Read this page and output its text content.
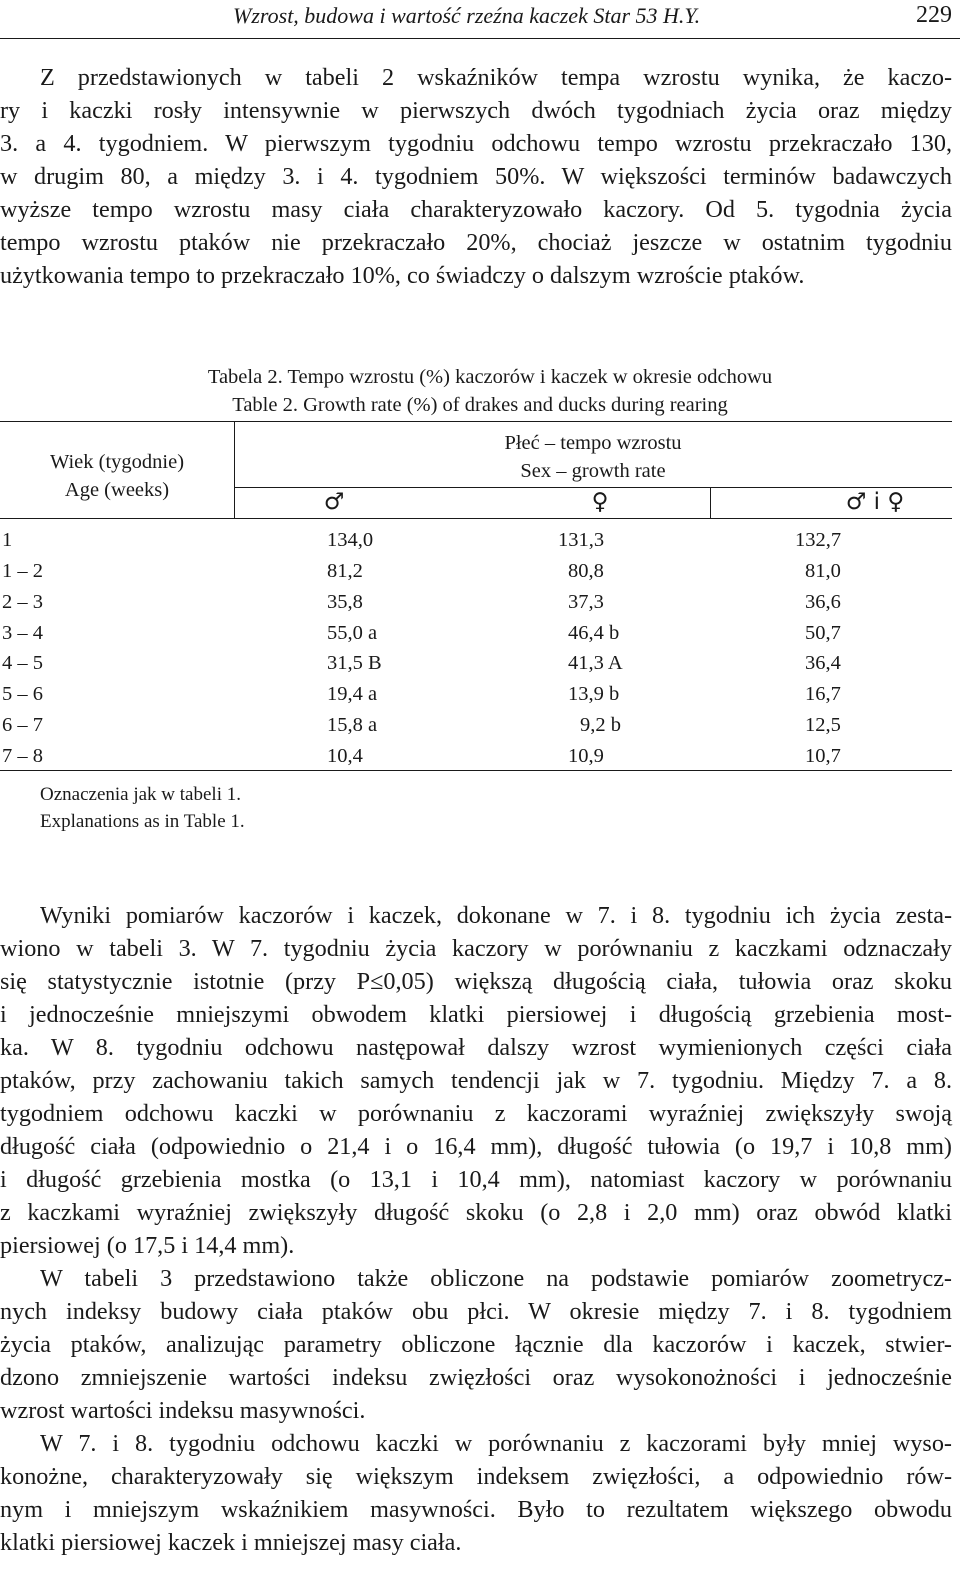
Wzrost, budowa i wartość rzeźna kaczek Star 53 H.Y.	229
Z przedstawionych w tabeli 2 wskaźników tempa wzrostu wynika, że kaczo-
ry i kaczki rosły intensywnie w pierwszych dwóch tygodniach życia oraz między
3. a 4. tygodniem. W pierwszym tygodniu odchowu tempo wzrostu przekraczało 130,
w drugim 80, a między 3. i 4. tygodniem 50%. W większości terminów badawczych
wyższe tempo wzrostu masy ciała charakteryzowało kaczory. Od 5. tygodnia życia
tempo wzrostu ptaków nie przekraczało 20%, chociaż jeszcze w ostatnim tygodniu
użytkowania tempo to przekraczało 10%, co świadczy o dalszym wzroście ptaków.
Tabela 2. Tempo wzrostu (%) kaczorów i kaczek w okresie odchowu
Table 2. Growth rate (%) of drakes and ducks during rearing
Wiek (tygodnie)
Age (weeks)
Płeć – tempo wzrostu
Sex – growth rate
♂	♀	♂ i ♀
1	134,0	131,3	132,7
1 – 2	81,2	80,8	81,0
2 – 3	35,8	37,3	36,6
3 – 4	55,0 a	46,4 b	50,7
4 – 5	31,5 B	41,3 A	36,4
5 – 6	19,4 a	13,9 b	16,7
6 – 7	15,8 a	9,2 b	12,5
7 – 8	10,4	10,9	10,7
Oznaczenia jak w tabeli 1.
Explanations as in Table 1.
Wyniki pomiarów kaczorów i kaczek, dokonane w 7. i 8. tygodniu ich życia zesta-
wiono w tabeli 3. W 7. tygodniu życia kaczory w porównaniu z kaczkami odznaczały
się statystycznie istotnie (przy P≤0,05) większą długością ciała, tułowia oraz skoku
i jednocześnie mniejszymi obwodem klatki piersiowej i długością grzebienia most-
ka. W 8. tygodniu odchowu następował dalszy wzrost wymienionych części ciała
ptaków, przy zachowaniu takich samych tendencji jak w 7. tygodniu. Między 7. a 8.
tygodniem odchowu kaczki w porównaniu z kaczorami wyraźniej zwiększyły swoją
długość ciała (odpowiednio o 21,4 i o 16,4 mm), długość tułowia (o 19,7 i 10,8 mm)
i długość grzebienia mostka (o 13,1 i 10,4 mm), natomiast kaczory w porównaniu
z kaczkami wyraźniej zwiększyły długość skoku (o 2,8 i 2,0 mm) oraz obwód klatki
piersiowej (o 17,5 i 14,4 mm).
W tabeli 3 przedstawiono także obliczone na podstawie pomiarów zoometrycz-
nych indeksy budowy ciała ptaków obu płci. W okresie między 7. i 8. tygodniem
życia ptaków, analizując parametry obliczone łącznie dla kaczorów i kaczek, stwier-
dzono zmniejszenie wartości indeksu zwięzłości oraz wysokonożności i jednocześnie
wzrost wartości indeksu masywności.
W 7. i 8. tygodniu odchowu kaczki w porównaniu z kaczorami były mniej wyso-
konożne, charakteryzowały się większym indeksem zwięzłości, a odpowiednio rów-
nym i mniejszym wskaźnikiem masywności. Było to rezultatem większego obwodu
klatki piersiowej kaczek i mniejszej masy ciała.
